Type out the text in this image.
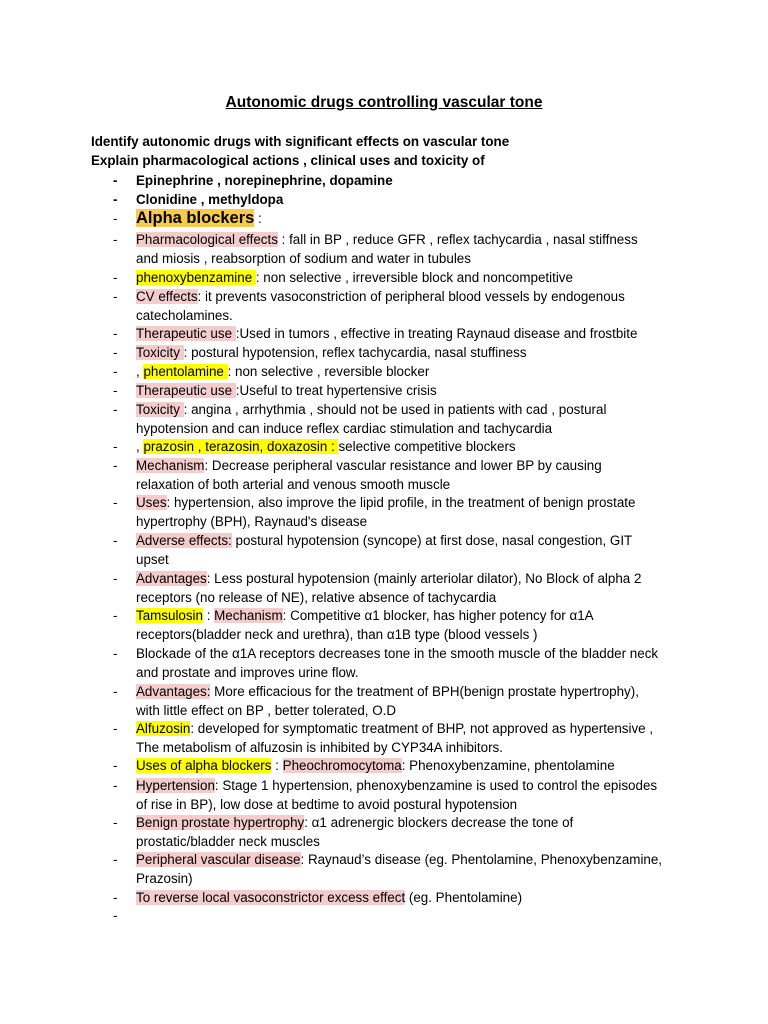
Autonomic drugs controlling vascular tone
Identify autonomic drugs with significant effects on vascular tone
Explain pharmacological actions , clinical uses and toxicity of
-	Epinephrine , norepinephrine, dopamine
-	Clonidine , methyldopa
-	Alpha blockers :
-	Pharmacological effects : fall in BP , reduce GFR , reflex tachycardia , nasal stiffness
and miosis , reabsorption of sodium and water in tubules
-	phenoxybenzamine : non selective , irreversible block and noncompetitive
-	CV effects: it prevents vasoconstriction of peripheral blood vessels by endogenous
catecholamines.
-	Therapeutic use :Used in tumors , effective in treating Raynaud disease and frostbite
-	Toxicity : postural hypotension, reflex tachycardia, nasal stuffiness
-	, phentolamine : non selective , reversible blocker
-	Therapeutic use :Useful to treat hypertensive crisis
-	Toxicity : angina , arrhythmia , should not be used in patients with cad , postural
hypotension and can induce reflex cardiac stimulation and tachycardia
-	, prazosin , terazosin, doxazosin : selective competitive blockers
-	Mechanism: Decrease peripheral vascular resistance and lower BP by causing
relaxation of both arterial and venous smooth muscle
-	Uses: hypertension, also improve the lipid profile, in the treatment of benign prostate
hypertrophy (BPH), Raynaud's disease
-	Adverse effects: postural hypotension (syncope) at first dose, nasal congestion, GIT
upset
-	Advantages: Less postural hypotension (mainly arteriolar dilator), No Block of alpha 2
receptors (no release of NE), relative absence of tachycardia
-	Tamsulosin : Mechanism: Competitive α1 blocker, has higher potency for α1A
receptors(bladder neck and urethra), than α1B type (blood vessels )
-	Blockade of the α1A receptors decreases tone in the smooth muscle of the bladder neck
and prostate and improves urine flow.
-	Advantages: More efficacious for the treatment of BPH(benign prostate hypertrophy),
with little effect on BP , better tolerated, O.D
-	Alfuzosin: developed for symptomatic treatment of BHP, not approved as hypertensive ,
The metabolism of alfuzosin is inhibited by CYP34A inhibitors.
-	Uses of alpha blockers : Pheochromocytoma: Phenoxybenzamine, phentolamine
-	Hypertension: Stage 1 hypertension, phenoxybenzamine is used to control the episodes
of rise in BP), low dose at bedtime to avoid postural hypotension
-	Benign prostate hypertrophy: α1 adrenergic blockers decrease the tone of
prostatic/bladder neck muscles
-	Peripheral vascular disease: Raynaud’s disease (eg. Phentolamine, Phenoxybenzamine,
Prazosin)
-	To reverse local vasoconstrictor excess effect (eg. Phentolamine)
-
